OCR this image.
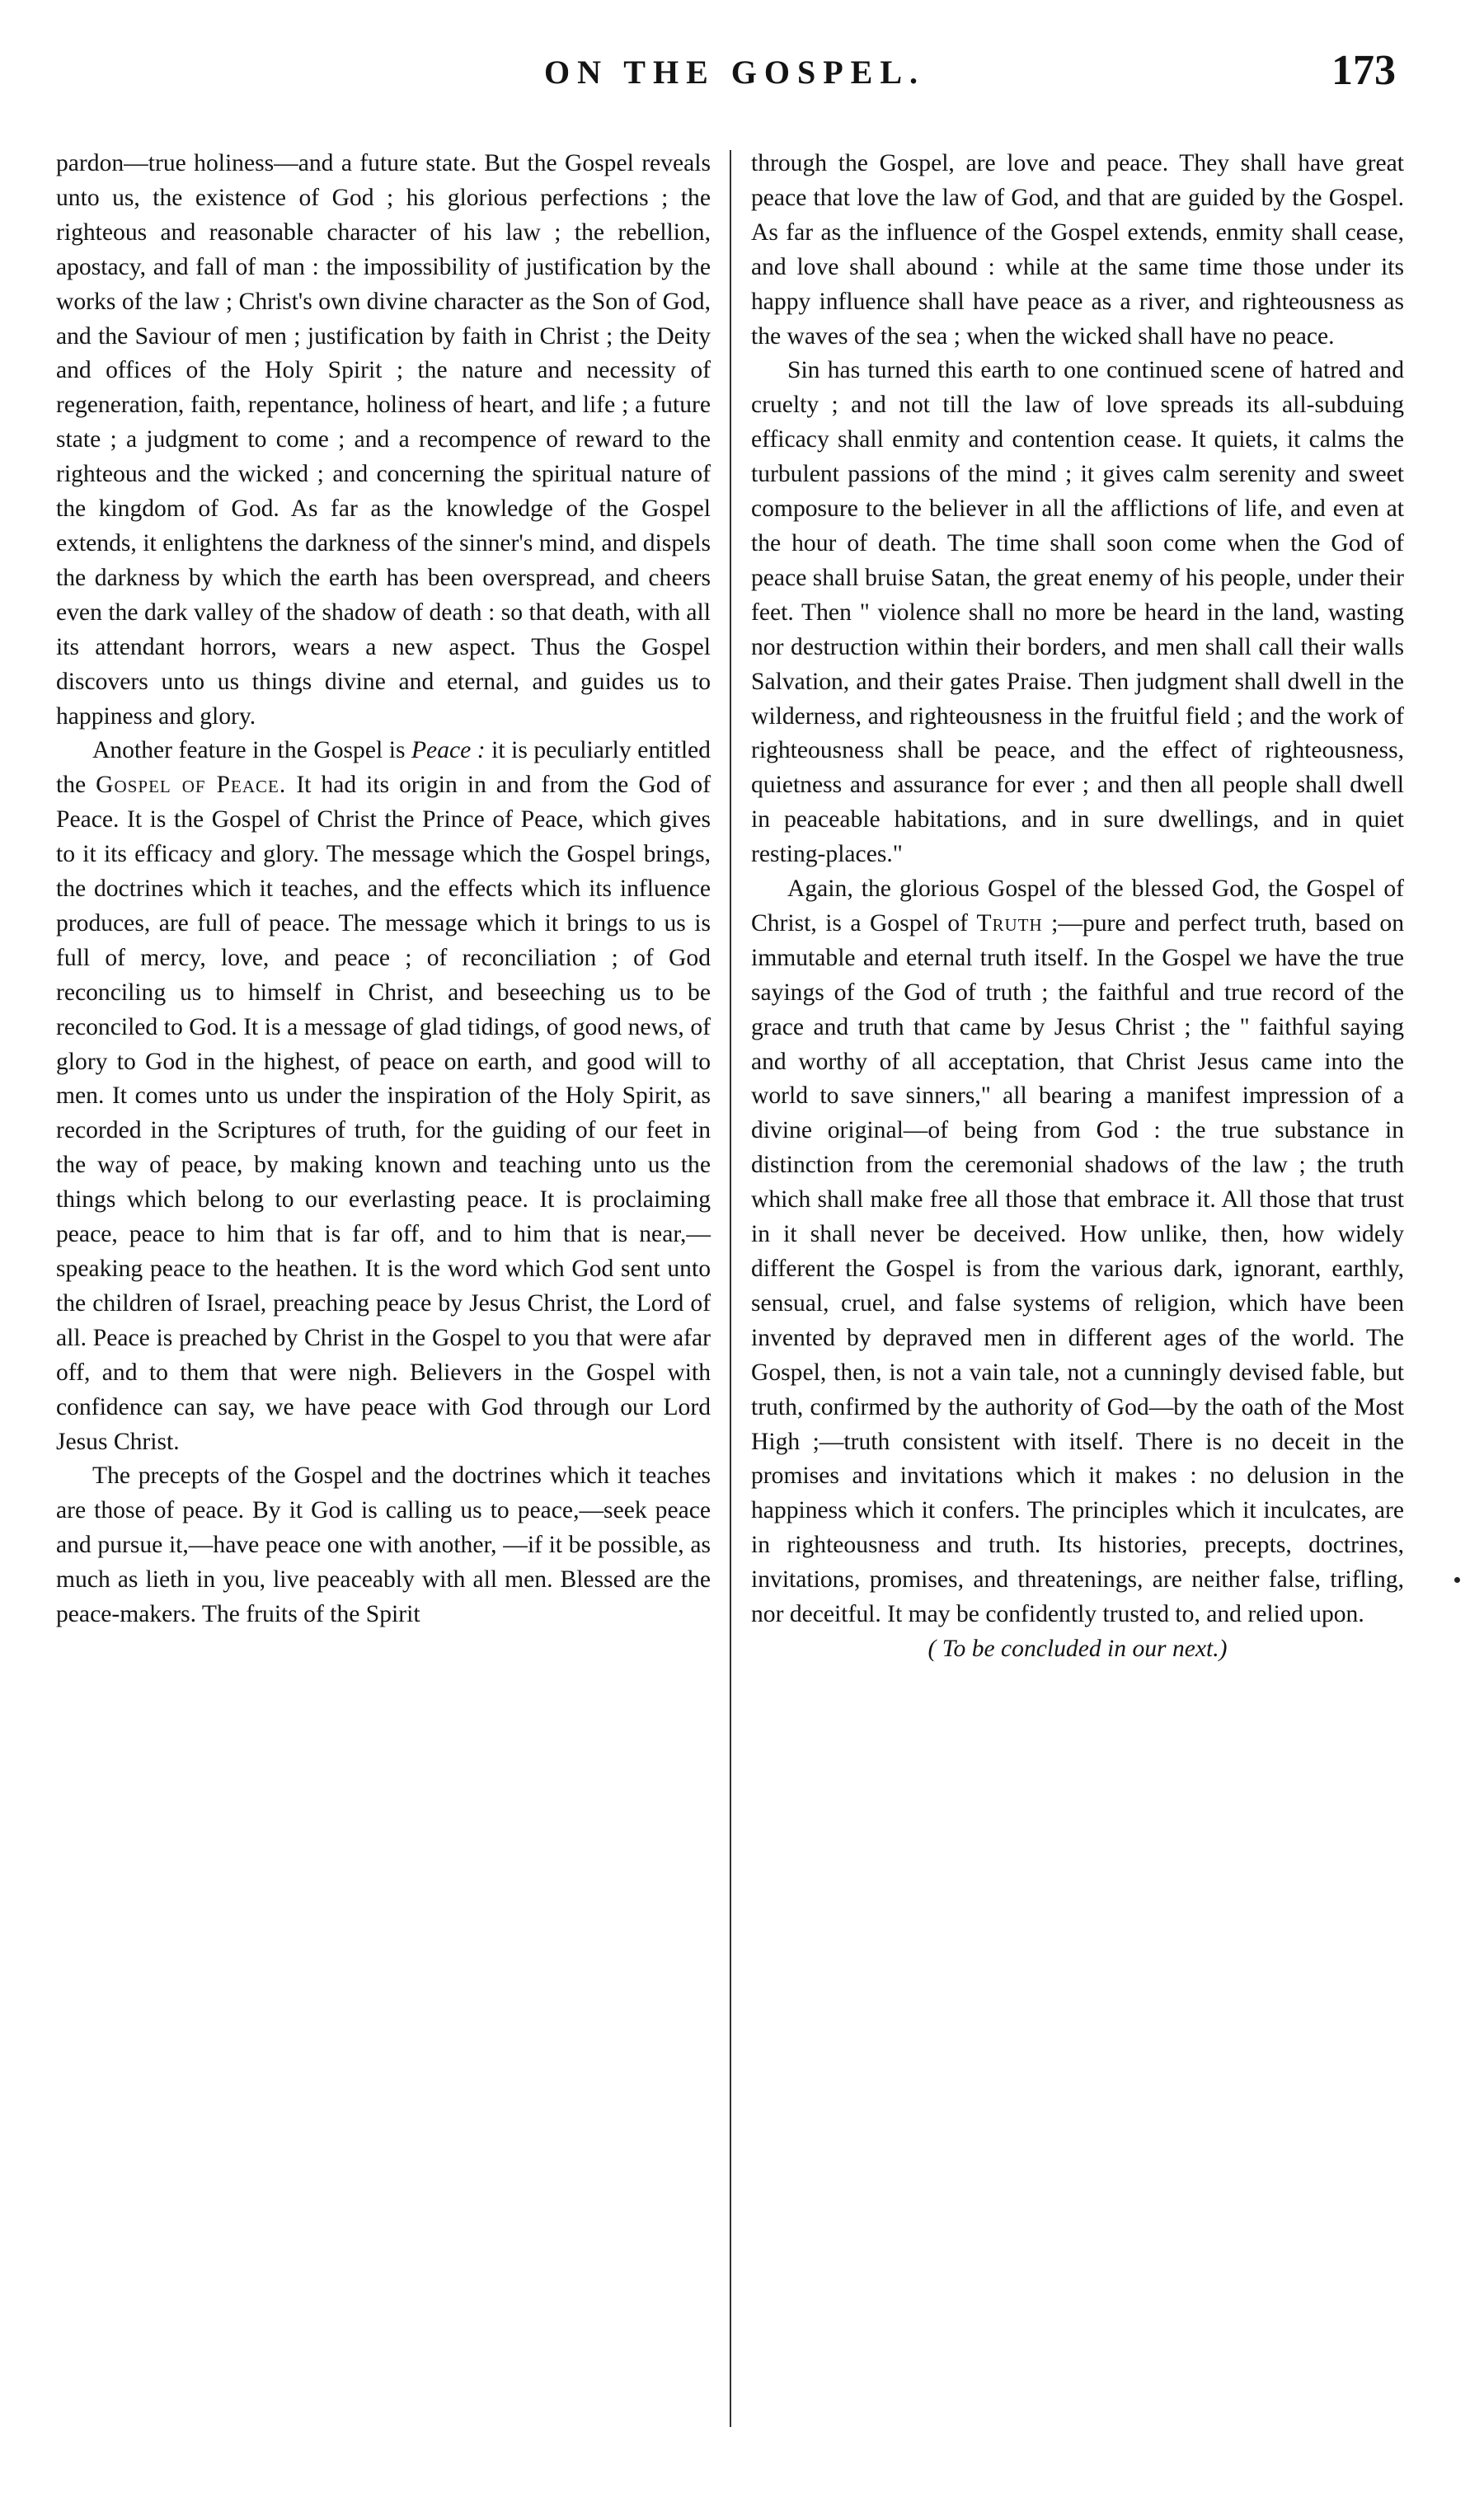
ON THE GOSPEL.	173

pardon—true holiness—and a future state. But the Gospel reveals unto us, the existence of God ; his glorious perfections ; the righteous and reasonable character of his law ; the rebellion, apostacy, and fall of man : the impossibility of justification by the works of the law ; Christ's own divine character as the Son of God, and the Saviour of men ; justification by faith in Christ ; the Deity and offices of the Holy Spirit ; the nature and necessity of regeneration, faith, repentance, holiness of heart, and life ; a future state ; a judgment to come ; and a recompence of reward to the righteous and the wicked ; and concerning the spiritual nature of the kingdom of God. As far as the knowledge of the Gospel extends, it enlightens the darkness of the sinner's mind, and dispels the darkness by which the earth has been overspread, and cheers even the dark valley of the shadow of death : so that death, with all its attendant horrors, wears a new aspect. Thus the Gospel discovers unto us things divine and eternal, and guides us to happiness and glory.

Another feature in the Gospel is Peace : it is peculiarly entitled the Gospel of Peace. It had its origin in and from the God of Peace. It is the Gospel of Christ the Prince of Peace, which gives to it its efficacy and glory. The message which the Gospel brings, the doctrines which it teaches, and the effects which its influence produces, are full of peace. The message which it brings to us is full of mercy, love, and peace ; of reconciliation ; of God reconciling us to himself in Christ, and beseeching us to be reconciled to God. It is a message of glad tidings, of good news, of glory to God in the highest, of peace on earth, and good will to men. It comes unto us under the inspiration of the Holy Spirit, as recorded in the Scriptures of truth, for the guiding of our feet in the way of peace, by making known and teaching unto us the things which belong to our everlasting peace. It is proclaiming peace, peace to him that is far off, and to him that is near,—speaking peace to the heathen. It is the word which God sent unto the children of Israel, preaching peace by Jesus Christ, the Lord of all. Peace is preached by Christ in the Gospel to you that were afar off, and to them that were nigh. Believers in the Gospel with confidence can say, we have peace with God through our Lord Jesus Christ.

The precepts of the Gospel and the doctrines which it teaches are those of peace. By it God is calling us to peace,—seek peace and pursue it,—have peace one with another, —if it be possible, as much as lieth in you, live peaceably with all men. Blessed are the peace-makers. The fruits of the Spirit

through the Gospel, are love and peace. They shall have great peace that love the law of God, and that are guided by the Gospel. As far as the influence of the Gospel extends, enmity shall cease, and love shall abound : while at the same time those under its happy influence shall have peace as a river, and righteousness as the waves of the sea ; when the wicked shall have no peace.

Sin has turned this earth to one continued scene of hatred and cruelty ; and not till the law of love spreads its all-subduing efficacy shall enmity and contention cease. It quiets, it calms the turbulent passions of the mind ; it gives calm serenity and sweet composure to the believer in all the afflictions of life, and even at the hour of death. The time shall soon come when the God of peace shall bruise Satan, the great enemy of his people, under their feet. Then " violence shall no more be heard in the land, wasting nor destruction within their borders, and men shall call their walls Salvation, and their gates Praise. Then judgment shall dwell in the wilderness, and righteousness in the fruitful field ; and the work of righteousness shall be peace, and the effect of righteousness, quietness and assurance for ever ; and then all people shall dwell in peaceable habitations, and in sure dwellings, and in quiet resting-places."

Again, the glorious Gospel of the blessed God, the Gospel of Christ, is a Gospel of Truth ;—pure and perfect truth, based on immutable and eternal truth itself. In the Gospel we have the true sayings of the God of truth ; the faithful and true record of the grace and truth that came by Jesus Christ ; the " faithful saying and worthy of all acceptation, that Christ Jesus came into the world to save sinners," all bearing a manifest impression of a divine original—of being from God : the true substance in distinction from the ceremonial shadows of the law ; the truth which shall make free all those that embrace it. All those that trust in it shall never be deceived. How unlike, then, how widely different the Gospel is from the various dark, ignorant, earthly, sensual, cruel, and false systems of religion, which have been invented by depraved men in different ages of the world. The Gospel, then, is not a vain tale, not a cunningly devised fable, but truth, confirmed by the authority of God—by the oath of the Most High ;—truth consistent with itself. There is no deceit in the promises and invitations which it makes : no delusion in the happiness which it confers. The principles which it inculcates, are in righteousness and truth. Its histories, precepts, doctrines, invitations, promises, and threatenings, are neither false, trifling, nor deceitful. It may be confidently trusted to, and relied upon.

( To be concluded in our next.)
